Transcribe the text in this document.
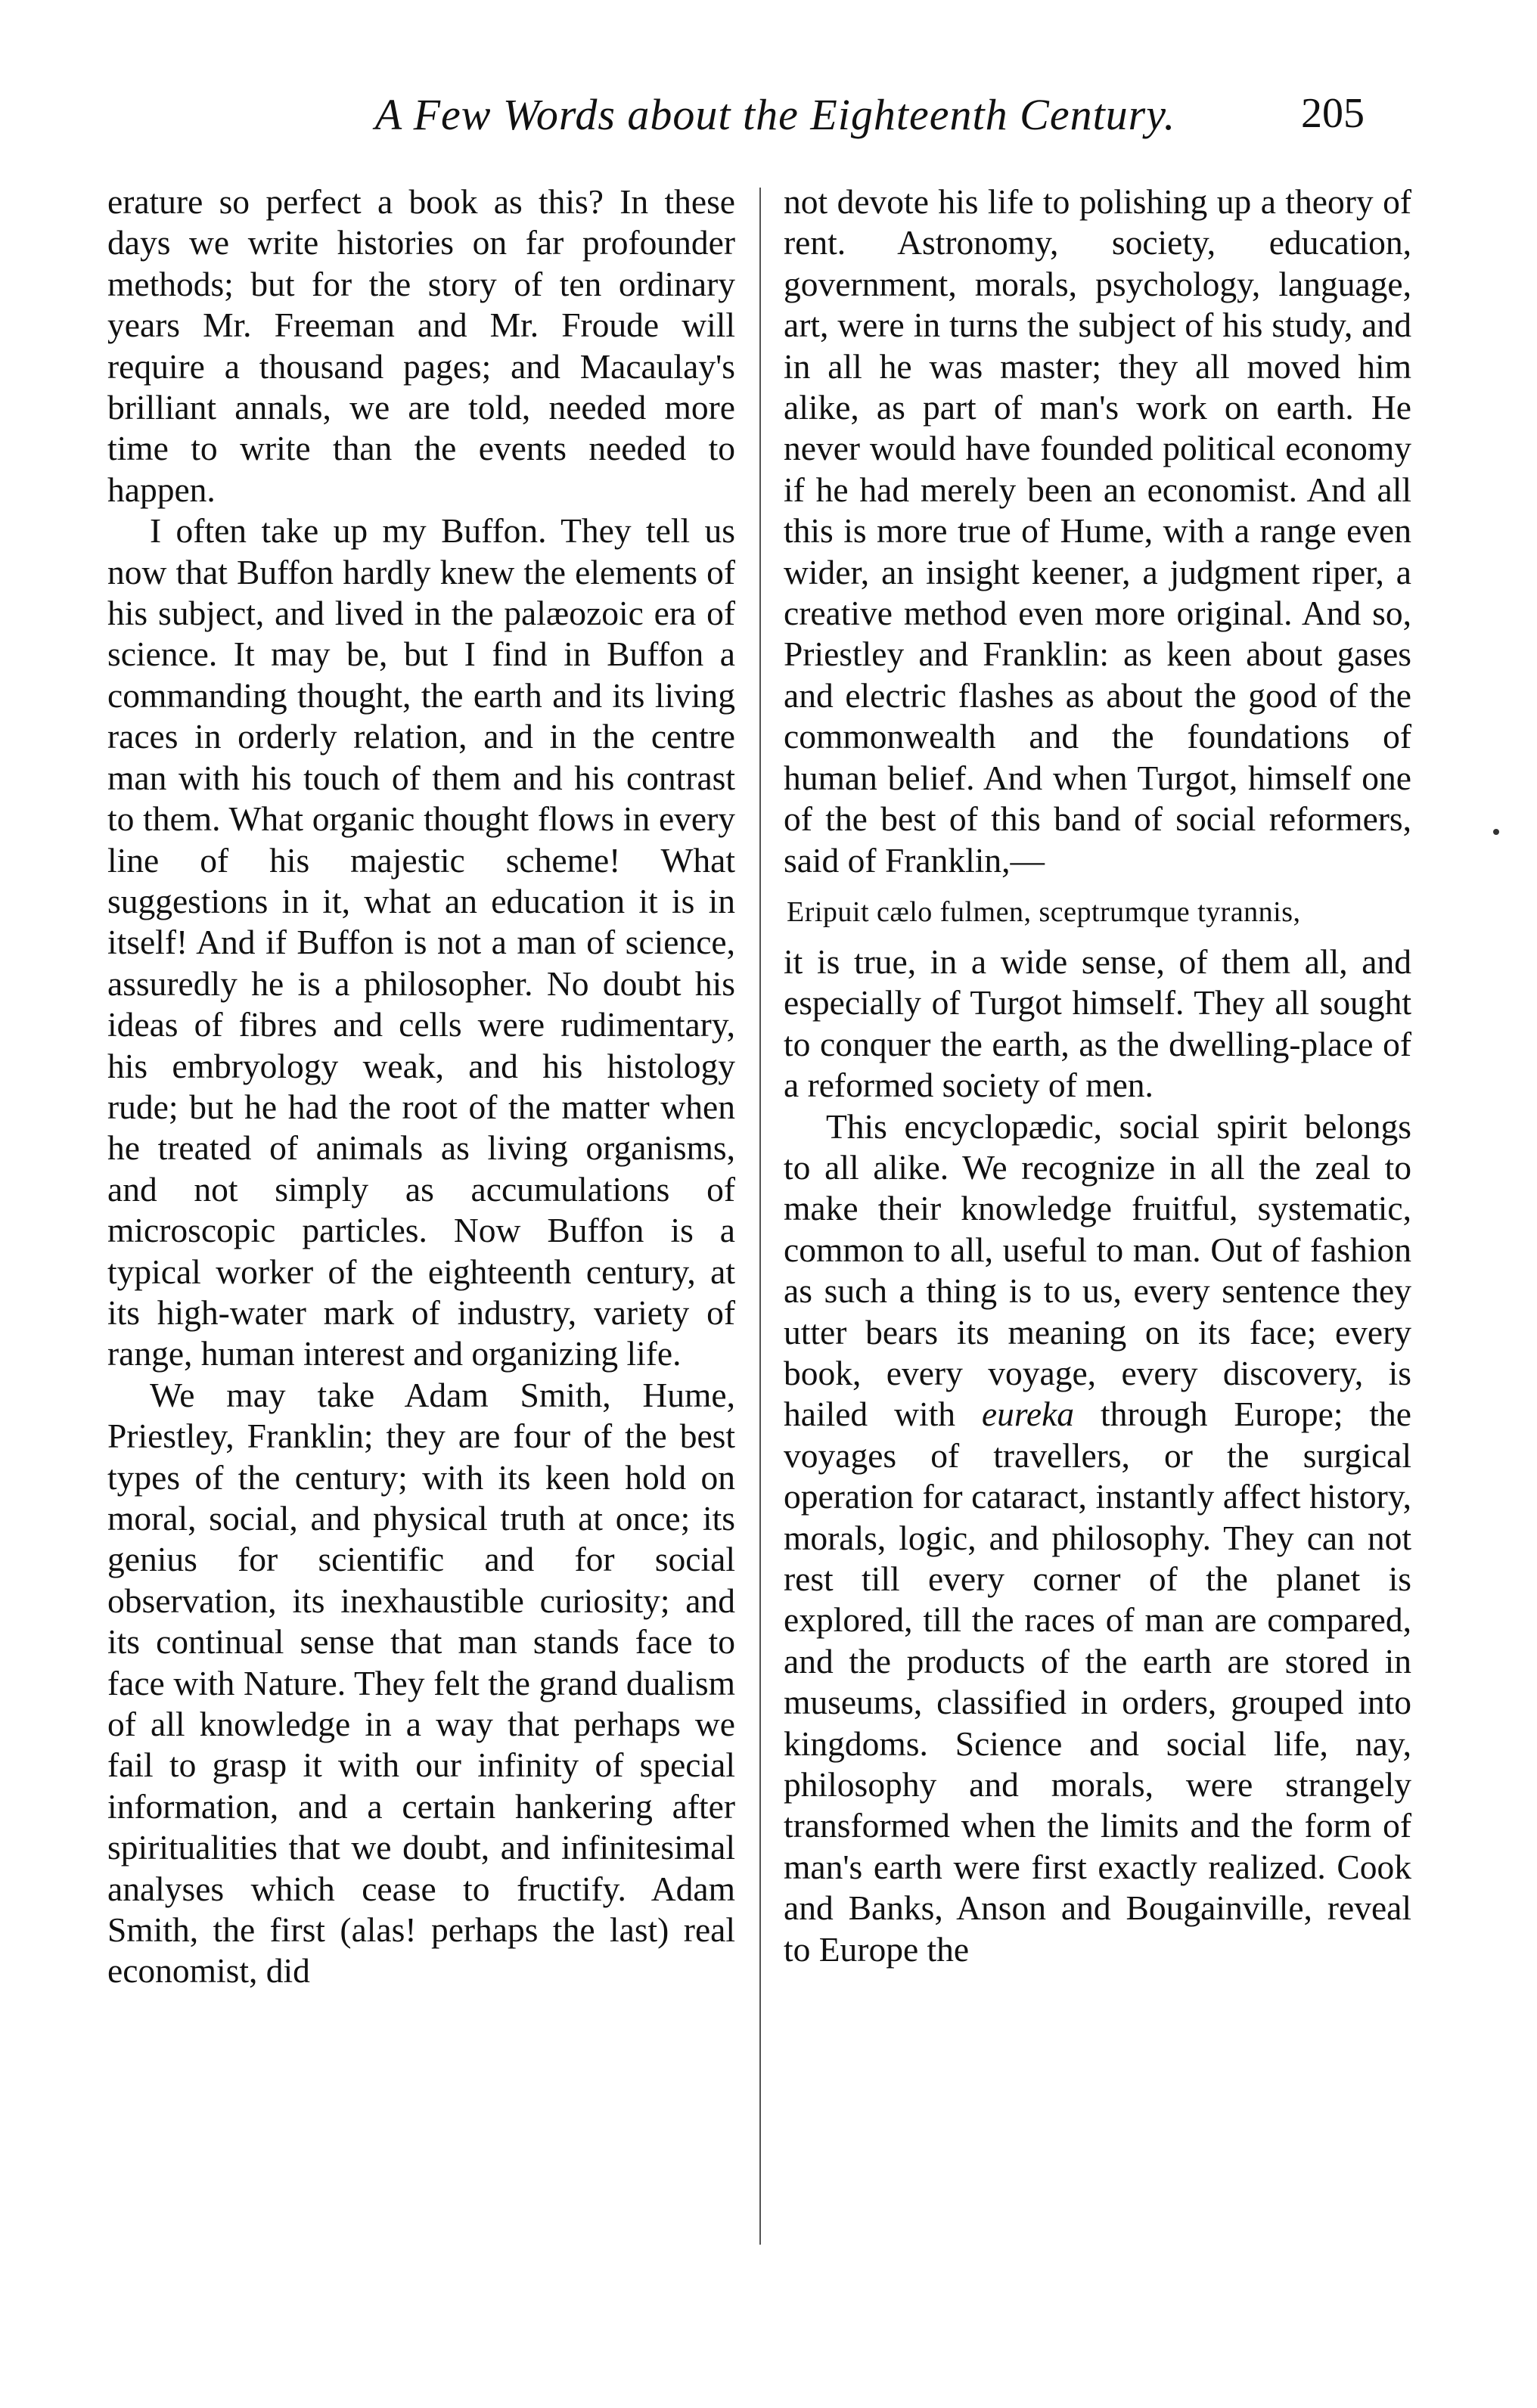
A Few Words about the Eighteenth Century.	205

erature so perfect a book as this? In these days we write histories on far profounder methods; but for the story of ten ordinary years Mr. Freeman and Mr. Froude will require a thousand pages; and Macaulay's brilliant annals, we are told, needed more time to write than the events needed to happen.

I often take up my Buffon. They tell us now that Buffon hardly knew the elements of his subject, and lived in the palæozoic era of science. It may be, but I find in Buffon a commanding thought, the earth and its living races in orderly relation, and in the centre man with his touch of them and his contrast to them. What organic thought flows in every line of his majestic scheme! What suggestions in it, what an education it is in itself! And if Buffon is not a man of science, assuredly he is a philosopher. No doubt his ideas of fibres and cells were rudimentary, his embryology weak, and his histology rude; but he had the root of the matter when he treated of animals as living organisms, and not simply as accumulations of microscopic particles. Now Buffon is a typical worker of the eighteenth century, at its high-water mark of industry, variety of range, human interest and organizing life.

We may take Adam Smith, Hume, Priestley, Franklin; they are four of the best types of the century; with its keen hold on moral, social, and physical truth at once; its genius for scientific and for social observation, its inexhaustible curiosity; and its continual sense that man stands face to face with Nature. They felt the grand dualism of all knowledge in a way that perhaps we fail to grasp it with our infinity of special information, and a certain hankering after spiritualities that we doubt, and infinitesimal analyses which cease to fructify. Adam Smith, the first (alas! perhaps the last) real economist, did

not devote his life to polishing up a theory of rent. Astronomy, society, education, government, morals, psychology, language, art, were in turns the subject of his study, and in all he was master; they all moved him alike, as part of man's work on earth. He never would have founded political economy if he had merely been an economist. And all this is more true of Hume, with a range even wider, an insight keener, a judgment riper, a creative method even more original. And so, Priestley and Franklin: as keen about gases and electric flashes as about the good of the commonwealth and the foundations of human belief. And when Turgot, himself one of the best of this band of social reformers, said of Franklin,—

Eripuit cælo fulmen, sceptrumque tyrannis,

it is true, in a wide sense, of them all, and especially of Turgot himself. They all sought to conquer the earth, as the dwelling-place of a reformed society of men.

This encyclopædic, social spirit belongs to all alike. We recognize in all the zeal to make their knowledge fruitful, systematic, common to all, useful to man. Out of fashion as such a thing is to us, every sentence they utter bears its meaning on its face; every book, every voyage, every discovery, is hailed with eureka through Europe; the voyages of travellers, or the surgical operation for cataract, instantly affect history, morals, logic, and philosophy. They can not rest till every corner of the planet is explored, till the races of man are compared, and the products of the earth are stored in museums, classified in orders, grouped into kingdoms. Science and social life, nay, philosophy and morals, were strangely transformed when the limits and the form of man's earth were first exactly realized. Cook and Banks, Anson and Bougainville, reveal to Europe the
